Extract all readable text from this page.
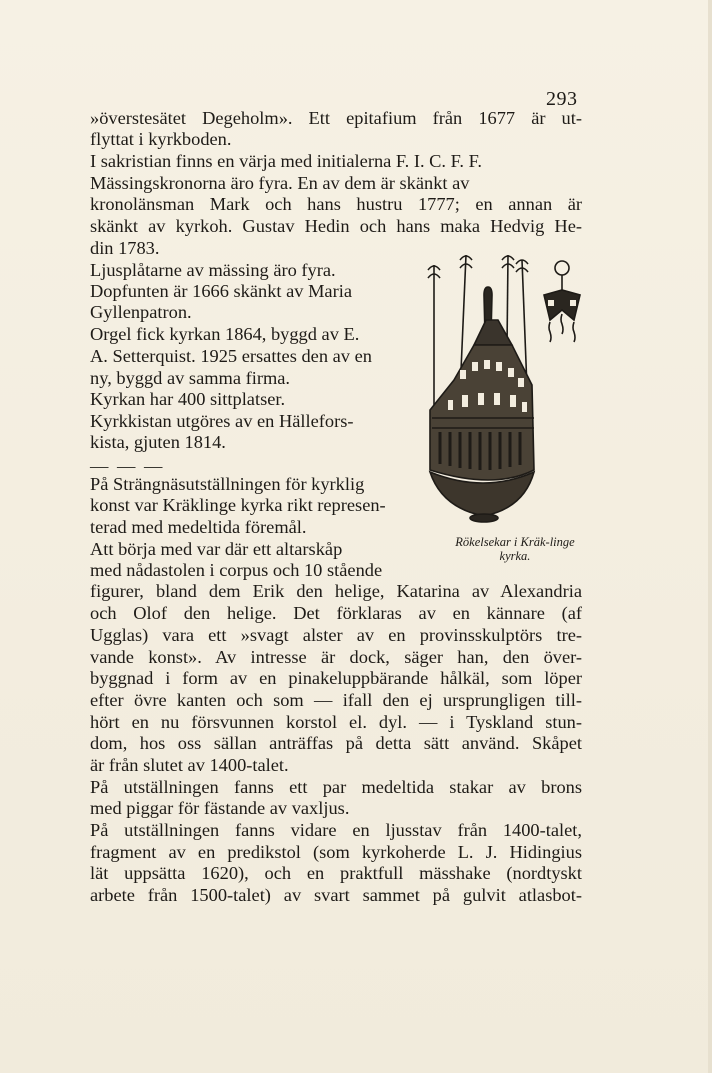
293
»överstesätet Degeholm». Ett epitafium från 1677 är ut-
flyttat i kyrkboden.
I sakristian finns en värja med initialerna F. I. C. F. F.
Mässingskronorna äro fyra. En av dem är skänkt av
kronolänsman Mark och hans hustru 1777; en annan är
skänkt av kyrkoh. Gustav Hedin och hans maka Hedvig He-
din 1783.
Ljusplåtarne av mässing äro fyra.
Dopfunten är 1666 skänkt av Maria
Gyllenpatron.
Orgel fick kyrkan 1864, byggd av E.
A. Setterquist. 1925 ersattes den av en
ny, byggd av samma firma.
Kyrkan har 400 sittplatser.
Kyrkkistan utgöres av en Hällefors-
kista, gjuten 1814.
— — —
På Strängnäsutställningen för kyrklig
konst var Kräklinge kyrka rikt represen-
terad med medeltida föremål.
Att börja med var där ett altarskåp
med nådastolen i corpus och 10 stående
figurer, bland dem Erik den helige, Katarina av Alexandria
och Olof den helige. Det förklaras av en kännare (af
Ugglas) vara ett »svagt alster av en provinsskulptörs tre-
vande konst». Av intresse är dock, säger han, den över-
byggnad i form av en pinakeluppbärande hålkäl, som löper
efter övre kanten och som — ifall den ej ursprungligen till-
hört en nu försvunnen korstol el. dyl. — i Tyskland stun-
dom, hos oss sällan anträffas på detta sätt använd. Skåpet
är från slutet av 1400-talet.
På utställningen fanns ett par medeltida stakar av brons
med piggar för fästande av vaxljus.
På utställningen fanns vidare en ljusstav från 1400-talet,
fragment av en predikstol (som kyrkoherde L. J. Hidingius
lät uppsätta 1620), och en praktfull mässhake (nordtyskt
arbete från 1500-talet) av svart sammet på gulvit atlasbot-
Rökelsekar i Kräk-linge kyrka.
